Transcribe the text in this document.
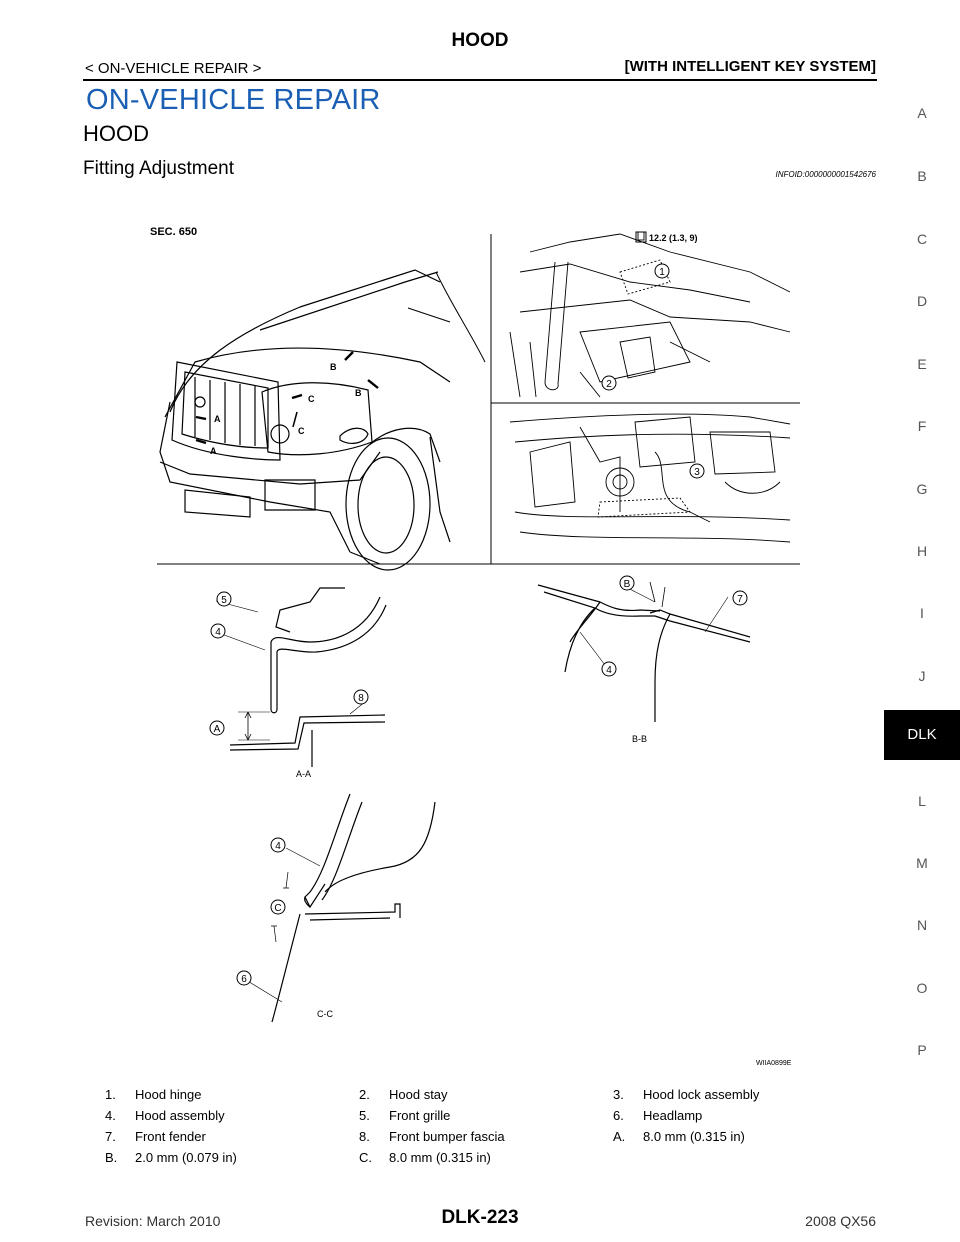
HOOD
< ON-VEHICLE REPAIR >	[WITH INTELLIGENT KEY SYSTEM]
ON-VEHICLE REPAIR
HOOD
Fitting Adjustment	INFOID:0000000001542676
A
B
C
D
E
F
G
H
I
J
DLK
L
M
N
O
P
SEC. 650	12.2 (1.3, 9)
1
2
3
4
4
4
5
6
7
8
A
B
C
B
B
C
C
A
A
A-A
B-B
C-C
WIIA0899E
1. Hood hinge	2. Hood stay	3. Hood lock assembly
4. Hood assembly	5. Front grille	6. Headlamp
7. Front fender	8. Front bumper fascia	A. 8.0 mm (0.315 in)
B. 2.0 mm (0.079 in)	C. 8.0 mm (0.315 in)
Revision: March 2010	DLK-223	2008 QX56
